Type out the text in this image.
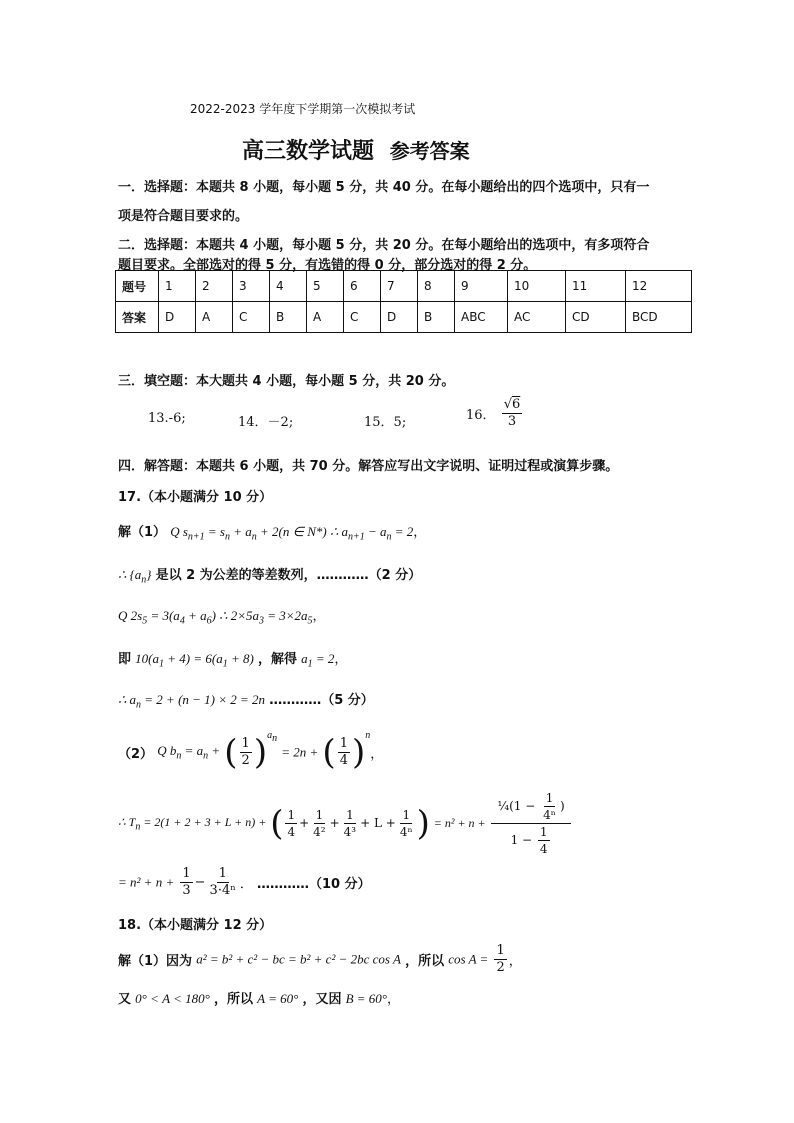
2022-2023 学年度下学期第一次模拟考试
高三数学试题 参考答案
一．选择题：本题共 8 小题，每小题 5 分，共 40 分。在每小题给出的四个选项中，只有一
项是符合题目要求的。
二．选择题：本题共 4 小题，每小题 5 分，共 20 分。在每小题给出的选项中，有多项符合
题目要求。全部选对的得 5 分，有选错的得 0 分，部分选对的得 2 分。
题号	1	2	3	4	5	6	7	8	9	10	11	12
答案	D	A	C	B	A	C	D	B	ABC	AC	CD	BCD
三．填空题：本大题共 4 小题，每小题 5 分，共 20 分。
13.-6;	14．－2;	15．5;	16． $\frac{√6}{3}$
四．解答题：本题共 6 小题，共 70 分。解答应写出文字说明、证明过程或演算步骤。
17.（本小题满分 10 分）
解（1） Q $s_{n+1} = s_n + a_n + 2(n$ ∈ N*) ∴ $a_{n+1} - a_n = 2$，
∴ $\{a_n\}$ 是以 2 为公差的等差数列，…………（2 分）
Q $2s_5 = 3(a_4 + a_6)$ ∴ $2\times 5a_3 = 3\times 2a_5$，
即 $10(a_1 + 4) = 6(a_1 + 8)$ ，解得 $a_1 = 2$，
∴ $a_n = 2 + (n - 1) \times 2 = 2n$ …………（5 分）
（2） Q $b_n = a_n$ + ( $\frac{1}{2} )^{a_n} = 2n$ + ( $\frac{1}{4} )^n$，
∴ $T_n = 2(1 + 2 + 3 + L + n)$ + ( $\frac{1}{4} + \frac{1}{\text{4²}} + \frac{1}{\text{4³}} + L + \frac{1}{\text{4ⁿ}}$ ) = $n^2 + n + \frac{\frac{1}{4}(1 - \frac{1}{\text{4ⁿ}} )}{1 - \frac{1}{4}}$
= $n^2 + n + \frac{1}{3} - \frac{1}{\text{3·4ⁿ}}$ ． …………（10 分）
18.（本小题满分 12 分）
解（1）因为 a² = b² + c² − bc = b² + c² − 2bc cos A ，所以 $\cos A = \frac{1}{2}$ ，
又 0° < A < 180° ，所以 A = 60° ，又因 B = 60°，
